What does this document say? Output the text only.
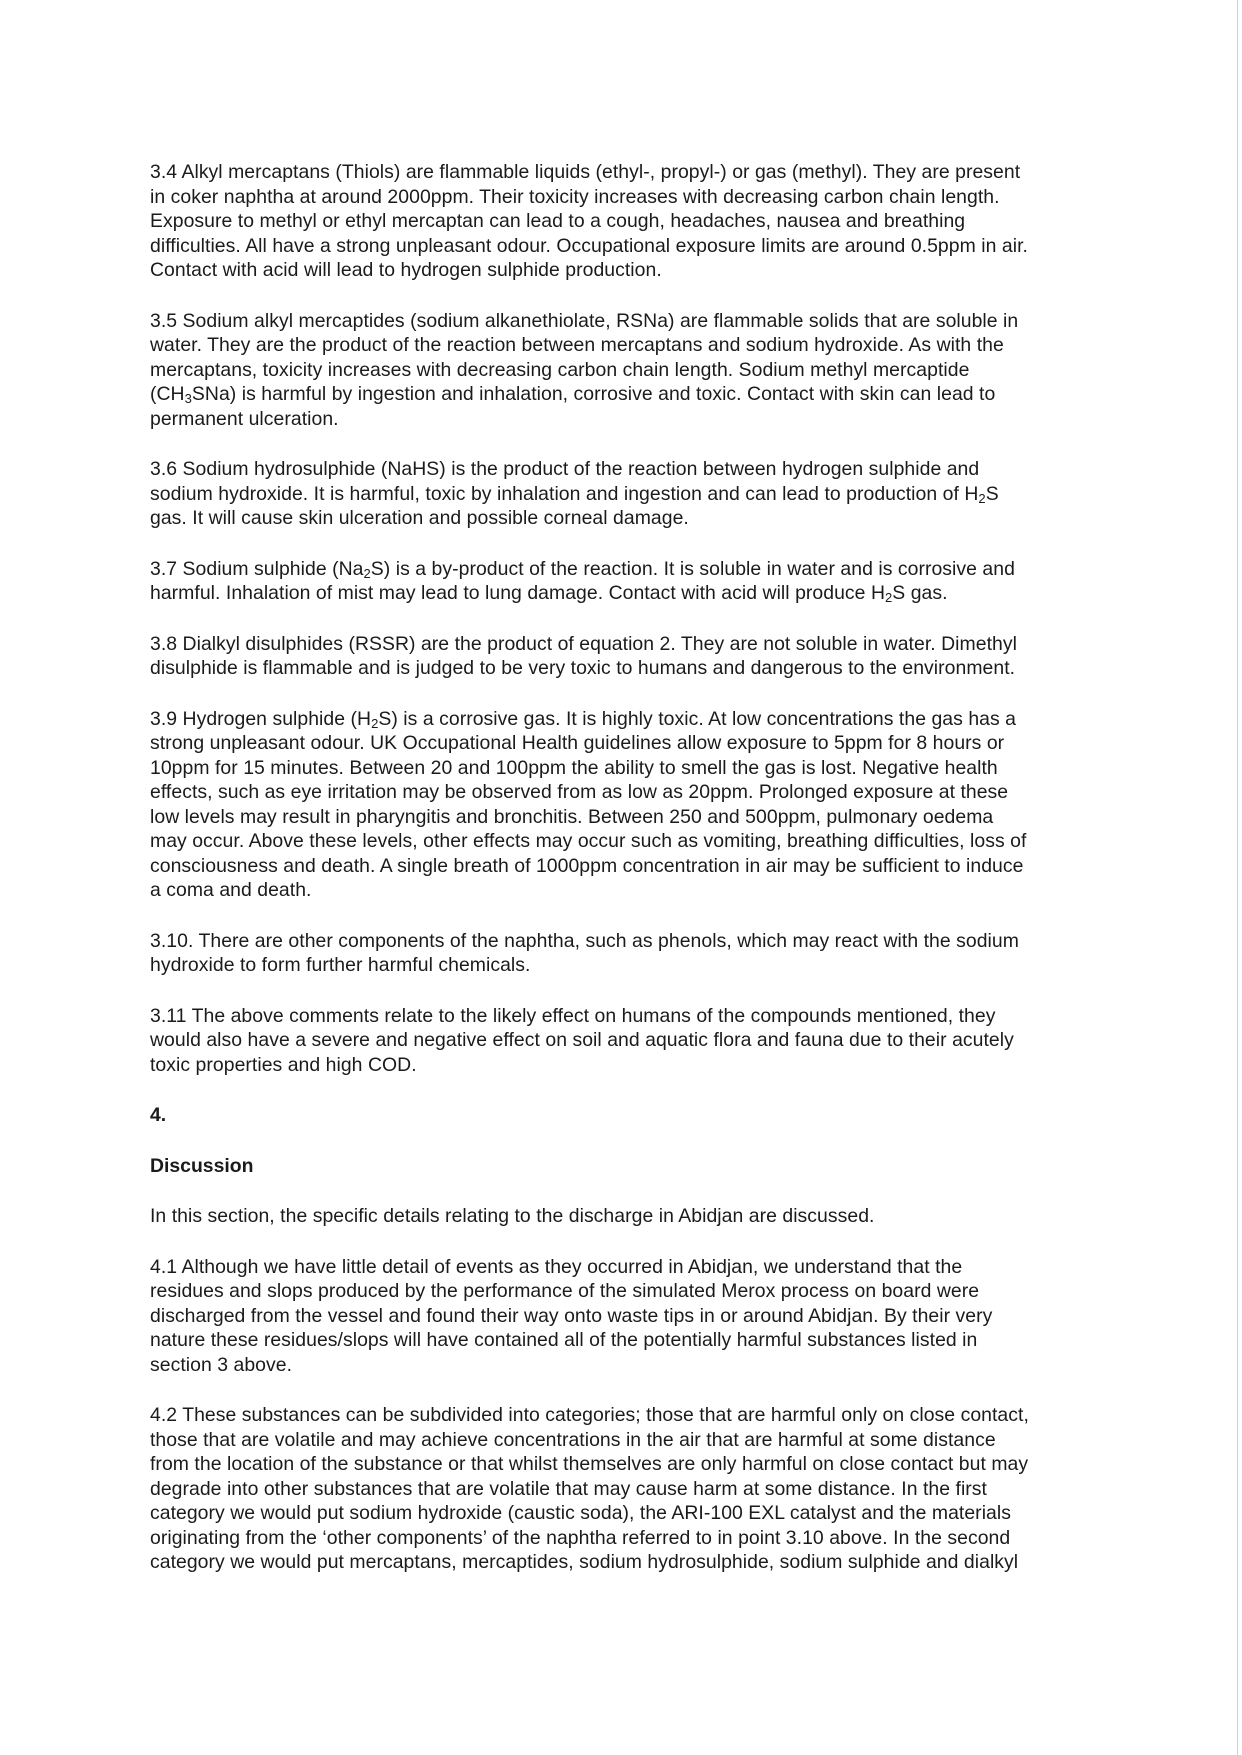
3.4 Alkyl mercaptans (Thiols) are flammable liquids (ethyl-, propyl-) or gas (methyl). They are present
in coker naphtha at around 2000ppm. Their toxicity increases with decreasing carbon chain length.
Exposure to methyl or ethyl mercaptan can lead to a cough, headaches, nausea and breathing
difficulties. All have a strong unpleasant odour. Occupational exposure limits are around 0.5ppm in air.
Contact with acid will lead to hydrogen sulphide production.

3.5 Sodium alkyl mercaptides (sodium alkanethiolate, RSNa) are flammable solids that are soluble in
water. They are the product of the reaction between mercaptans and sodium hydroxide. As with the
mercaptans, toxicity increases with decreasing carbon chain length. Sodium methyl mercaptide
$(CH_3SNa)$ is harmful by ingestion and inhalation, corrosive and toxic. Contact with skin can lead to
permanent ulceration.

3.6 Sodium hydrosulphide (NaHS) is the product of the reaction between hydrogen sulphide and
sodium hydroxide. It is harmful, toxic by inhalation and ingestion and can lead to production of $H_2S$
gas. It will cause skin ulceration and possible corneal damage.

3.7 Sodium sulphide $(Na_2S)$ is a by-product of the reaction. It is soluble in water and is corrosive and
harmful. Inhalation of mist may lead to lung damage. Contact with acid will produce $H_2S$ gas.

3.8 Dialkyl disulphides (RSSR) are the product of equation 2. They are not soluble in water. Dimethyl
disulphide is flammable and is judged to be very toxic to humans and dangerous to the environment.

3.9 Hydrogen sulphide $(H_2S)$ is a corrosive gas. It is highly toxic. At low concentrations the gas has a
strong unpleasant odour. UK Occupational Health guidelines allow exposure to 5ppm for 8 hours or
10ppm for 15 minutes. Between 20 and 100ppm the ability to smell the gas is lost. Negative health
effects, such as eye irritation may be observed from as low as 20ppm. Prolonged exposure at these
low levels may result in pharyngitis and bronchitis. Between 250 and 500ppm, pulmonary oedema
may occur. Above these levels, other effects may occur such as vomiting, breathing difficulties, loss of
consciousness and death. A single breath of 1000ppm concentration in air may be sufficient to induce
a coma and death.

3.10. There are other components of the naphtha, such as phenols, which may react with the sodium
hydroxide to form further harmful chemicals.

3.11 The above comments relate to the likely effect on humans of the compounds mentioned, they
would also have a severe and negative effect on soil and aquatic flora and fauna due to their acutely
toxic properties and high COD.

4.

Discussion

In this section, the specific details relating to the discharge in Abidjan are discussed.

4.1 Although we have little detail of events as they occurred in Abidjan, we understand that the
residues and slops produced by the performance of the simulated Merox process on board were
discharged from the vessel and found their way onto waste tips in or around Abidjan. By their very
nature these residues/slops will have contained all of the potentially harmful substances listed in
section 3 above.

4.2 These substances can be subdivided into categories; those that are harmful only on close contact,
those that are volatile and may achieve concentrations in the air that are harmful at some distance
from the location of the substance or that whilst themselves are only harmful on close contact but may
degrade into other substances that are volatile that may cause harm at some distance. In the first
category we would put sodium hydroxide (caustic soda), the ARI-100 EXL catalyst and the materials
originating from the ‘other components’ of the naphtha referred to in point 3.10 above. In the second
category we would put mercaptans, mercaptides, sodium hydrosulphide, sodium sulphide and dialkyl
